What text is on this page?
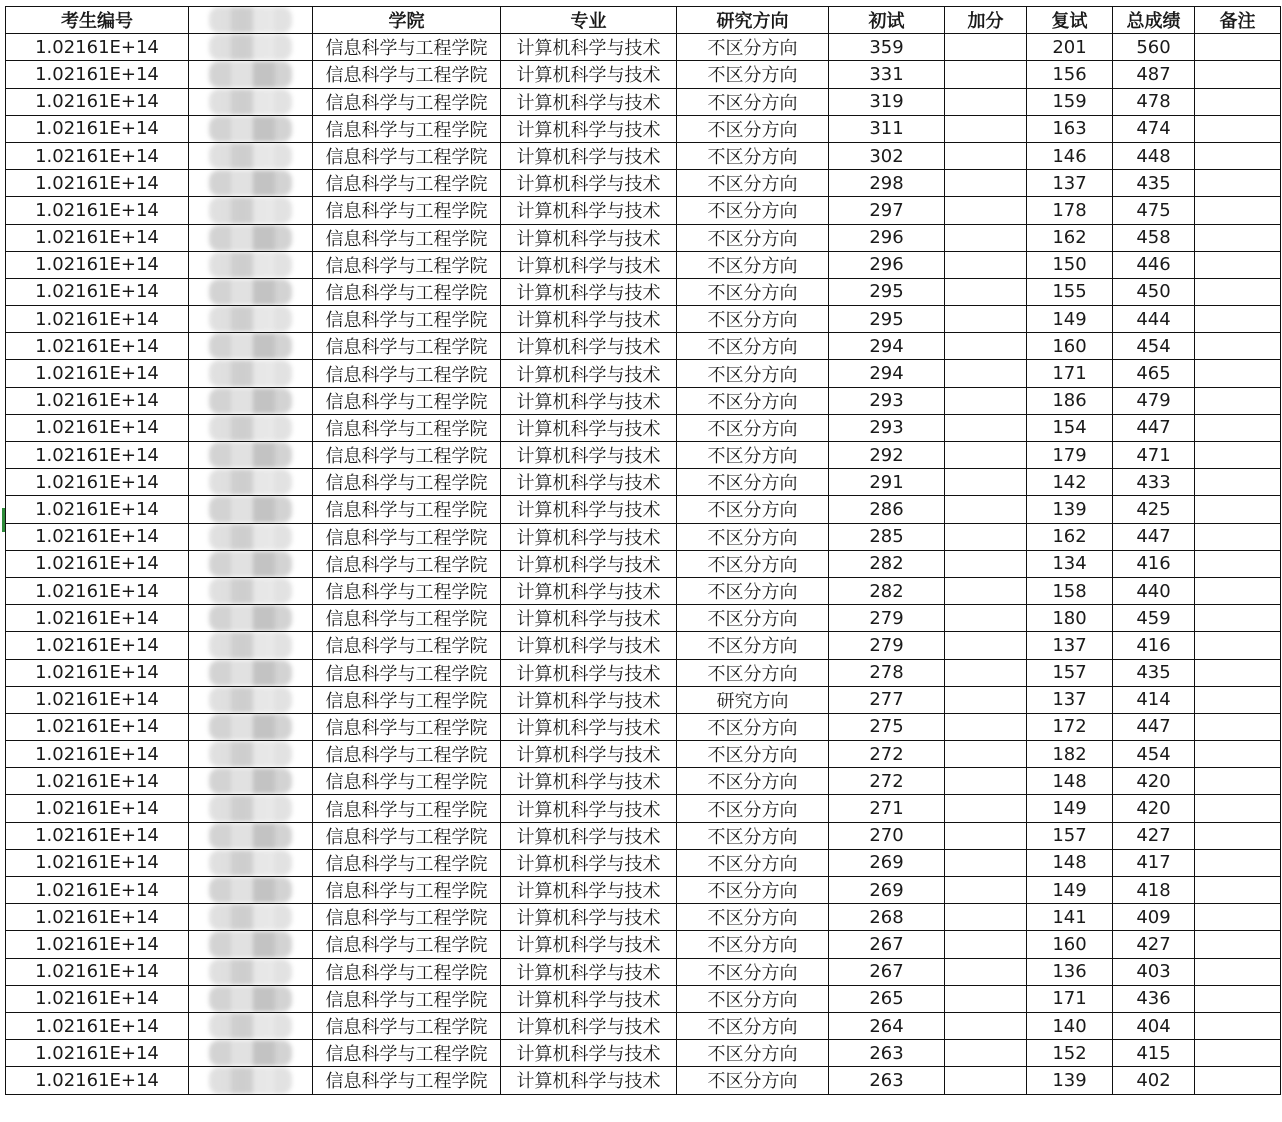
考生编号		学院	专业	研究方向	初试	加分	复试	总成绩	备注
1.02161E+14		信息科学与工程学院	计算机科学与技术	不区分方向	359		201	560	
1.02161E+14		信息科学与工程学院	计算机科学与技术	不区分方向	331		156	487	
1.02161E+14		信息科学与工程学院	计算机科学与技术	不区分方向	319		159	478	
1.02161E+14		信息科学与工程学院	计算机科学与技术	不区分方向	311		163	474	
1.02161E+14		信息科学与工程学院	计算机科学与技术	不区分方向	302		146	448	
1.02161E+14		信息科学与工程学院	计算机科学与技术	不区分方向	298		137	435	
1.02161E+14		信息科学与工程学院	计算机科学与技术	不区分方向	297		178	475	
1.02161E+14		信息科学与工程学院	计算机科学与技术	不区分方向	296		162	458	
1.02161E+14		信息科学与工程学院	计算机科学与技术	不区分方向	296		150	446	
1.02161E+14		信息科学与工程学院	计算机科学与技术	不区分方向	295		155	450	
1.02161E+14		信息科学与工程学院	计算机科学与技术	不区分方向	295		149	444	
1.02161E+14		信息科学与工程学院	计算机科学与技术	不区分方向	294		160	454	
1.02161E+14		信息科学与工程学院	计算机科学与技术	不区分方向	294		171	465	
1.02161E+14		信息科学与工程学院	计算机科学与技术	不区分方向	293		186	479	
1.02161E+14		信息科学与工程学院	计算机科学与技术	不区分方向	293		154	447	
1.02161E+14		信息科学与工程学院	计算机科学与技术	不区分方向	292		179	471	
1.02161E+14		信息科学与工程学院	计算机科学与技术	不区分方向	291		142	433	
1.02161E+14		信息科学与工程学院	计算机科学与技术	不区分方向	286		139	425	
1.02161E+14		信息科学与工程学院	计算机科学与技术	不区分方向	285		162	447	
1.02161E+14		信息科学与工程学院	计算机科学与技术	不区分方向	282		134	416	
1.02161E+14		信息科学与工程学院	计算机科学与技术	不区分方向	282		158	440	
1.02161E+14		信息科学与工程学院	计算机科学与技术	不区分方向	279		180	459	
1.02161E+14		信息科学与工程学院	计算机科学与技术	不区分方向	279		137	416	
1.02161E+14		信息科学与工程学院	计算机科学与技术	不区分方向	278		157	435	
1.02161E+14		信息科学与工程学院	计算机科学与技术	研究方向	277		137	414	
1.02161E+14		信息科学与工程学院	计算机科学与技术	不区分方向	275		172	447	
1.02161E+14		信息科学与工程学院	计算机科学与技术	不区分方向	272		182	454	
1.02161E+14		信息科学与工程学院	计算机科学与技术	不区分方向	272		148	420	
1.02161E+14		信息科学与工程学院	计算机科学与技术	不区分方向	271		149	420	
1.02161E+14		信息科学与工程学院	计算机科学与技术	不区分方向	270		157	427	
1.02161E+14		信息科学与工程学院	计算机科学与技术	不区分方向	269		148	417	
1.02161E+14		信息科学与工程学院	计算机科学与技术	不区分方向	269		149	418	
1.02161E+14		信息科学与工程学院	计算机科学与技术	不区分方向	268		141	409	
1.02161E+14		信息科学与工程学院	计算机科学与技术	不区分方向	267		160	427	
1.02161E+14		信息科学与工程学院	计算机科学与技术	不区分方向	267		136	403	
1.02161E+14		信息科学与工程学院	计算机科学与技术	不区分方向	265		171	436	
1.02161E+14		信息科学与工程学院	计算机科学与技术	不区分方向	264		140	404	
1.02161E+14		信息科学与工程学院	计算机科学与技术	不区分方向	263		152	415	
1.02161E+14		信息科学与工程学院	计算机科学与技术	不区分方向	263		139	402	
